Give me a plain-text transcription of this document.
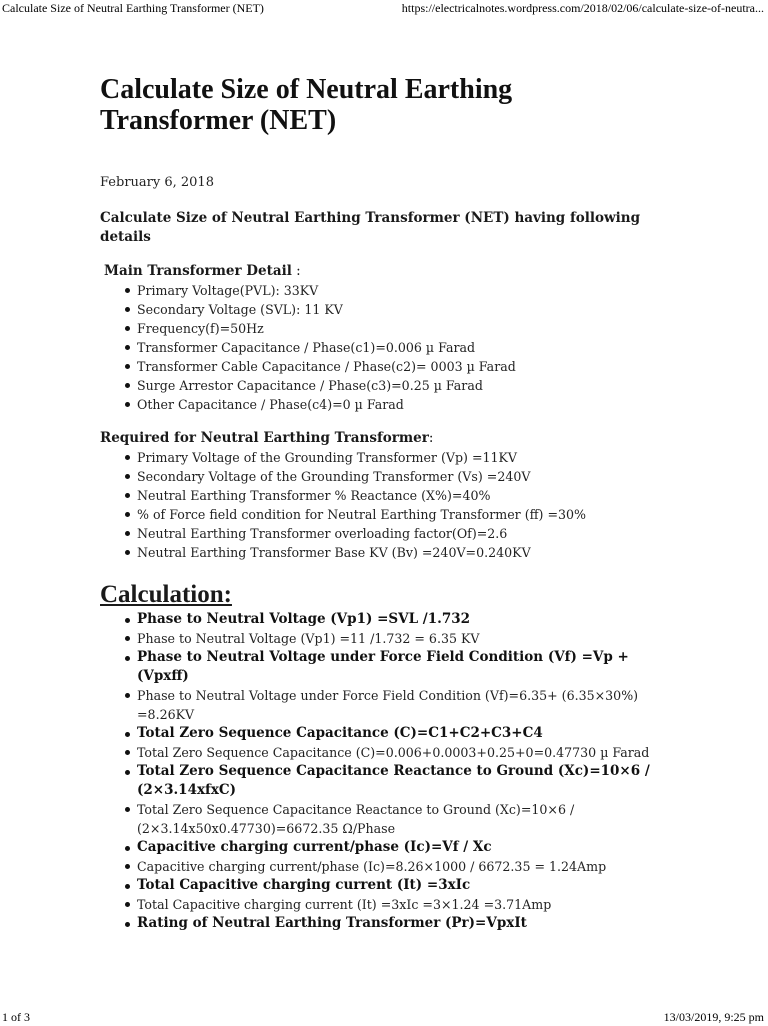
Calculate Size of Neutral Earthing Transformer (NET)	https://electricalnotes.wordpress.com/2018/02/06/calculate-size-of-neutra...
Calculate Size of Neutral Earthing Transformer (NET)
February 6, 2018
Calculate Size of Neutral Earthing Transformer (NET) having following details
Main Transformer Detail :
Primary Voltage(PVL): 33KV
Secondary Voltage (SVL): 11 KV
Frequency(f)=50Hz
Transformer Capacitance / Phase(c1)=0.006 µ Farad
Transformer Cable Capacitance / Phase(c2)= 0003 µ Farad
Surge Arrestor Capacitance / Phase(c3)=0.25 µ Farad
Other Capacitance / Phase(c4)=0 µ Farad
Required for Neutral Earthing Transformer:
Primary Voltage of the Grounding Transformer (Vp) =11KV
Secondary Voltage of the Grounding Transformer (Vs) =240V
Neutral Earthing Transformer % Reactance (X%)=40%
% of Force field condition for Neutral Earthing Transformer (ff) =30%
Neutral Earthing Transformer overloading factor(Of)=2.6
Neutral Earthing Transformer Base KV (Bv) =240V=0.240KV
Calculation:
Phase to Neutral Voltage (Vp1) =SVL /1.732
Phase to Neutral Voltage (Vp1) =11 /1.732 = 6.35 KV
Phase to Neutral Voltage under Force Field Condition (Vf) =Vp + (Vpxff)
Phase to Neutral Voltage under Force Field Condition (Vf)=6.35+ (6.35×30%) =8.26KV
Total Zero Sequence Capacitance (C)=C1+C2+C3+C4
Total Zero Sequence Capacitance (C)=0.006+0.0003+0.25+0=0.47730 µ Farad
Total Zero Sequence Capacitance Reactance to Ground (Xc)=10×6 / (2×3.14xfxC)
Total Zero Sequence Capacitance Reactance to Ground (Xc)=10×6 / (2×3.14x50x0.47730)=6672.35 Ω/Phase
Capacitive charging current/phase (Ic)=Vf / Xc
Capacitive charging current/phase (Ic)=8.26×1000 / 6672.35 = 1.24Amp
Total Capacitive charging current (It) =3xIc
Total Capacitive charging current (It) =3xIc =3×1.24 =3.71Amp
Rating of Neutral Earthing Transformer (Pr)=VpxIt
1 of 3	13/03/2019, 9:25 pm
